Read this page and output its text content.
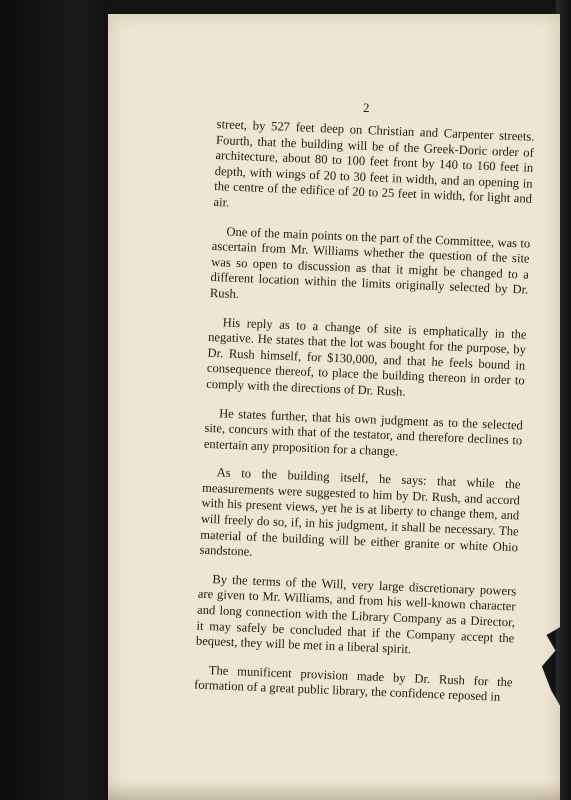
2

street, by 527 feet deep on Christian and Carpenter streets. Fourth, that the building will be of the Greek-Doric order of architecture, about 80 to 100 feet front by 140 to 160 feet in depth, with wings of 20 to 30 feet in width, and an opening in the centre of the edifice of 20 to 25 feet in width, for light and air.

One of the main points on the part of the Committee, was to ascertain from Mr. Williams whether the question of the site was so open to discussion as that it might be changed to a different location within the limits originally selected by Dr. Rush.

His reply as to a change of site is emphatically in the negative. He states that the lot was bought for the purpose, by Dr. Rush himself, for $130,000, and that he feels bound in consequence thereof, to place the building thereon in order to comply with the directions of Dr. Rush.

He states further, that his own judgment as to the selected site, concurs with that of the testator, and therefore declines to entertain any proposition for a change.

As to the building itself, he says: that while the measurements were suggested to him by Dr. Rush, and accord with his present views, yet he is at liberty to change them, and will freely do so, if, in his judgment, it shall be necessary. The material of the building will be either granite or white Ohio sandstone.

By the terms of the Will, very large discretionary powers are given to Mr. Williams, and from his well-known character and long connection with the Library Company as a Director, it may safely be concluded that if the Company accept the bequest, they will be met in a liberal spirit.

The munificent provision made by Dr. Rush for the formation of a great public library, the confidence reposed in
